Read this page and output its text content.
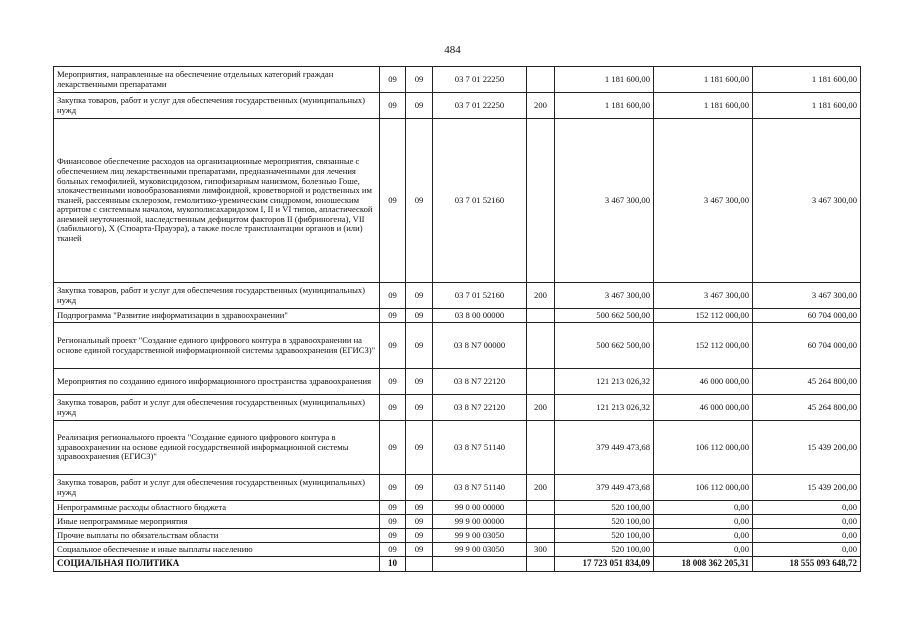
484
Мероприятия, направленные на обеспечение отдельных категорий граждан лекарственными препаратами	09	09	03 7 01 22250		1 181 600,00	1 181 600,00	1 181 600,00
Закупка товаров, работ и услуг для обеспечения государственных (муниципальных) нужд	09	09	03 7 01 22250	200	1 181 600,00	1 181 600,00	1 181 600,00
Финансовое обеспечение расходов на организационные мероприятия, связанные с обеспечением лиц лекарственными препаратами, предназначенными для лечения больных гемофилией, муковисцидозом, гипофизарным нанизмом, болезнью Гоше, злокачественными новообразованиями лимфоидной, кроветворной и родственных им тканей, рассеянным склерозом, гемолитико-уремическим синдромом, юношеским артритом с системным началом, мукополисахаридозом I, II и VI типов, апластической анемией неуточненной, наследственным дефицитом факторов II (фибриногена), VII (лабильного), X (Стюарта-Прауэра), а также после трансплантации органов и (или) тканей	09	09	03 7 01 52160		3 467 300,00	3 467 300,00	3 467 300,00
Закупка товаров, работ и услуг для обеспечения государственных (муниципальных) нужд	09	09	03 7 01 52160	200	3 467 300,00	3 467 300,00	3 467 300,00
Подпрограмма "Развитие информатизации в здравоохранении"	09	09	03 8 00 00000		500 662 500,00	152 112 000,00	60 704 000,00
Региональный проект "Создание единого цифрового контура в здравоохранении на основе единой государственной информационной системы здравоохранения (ЕГИСЗ)"	09	09	03 8 N7 00000		500 662 500,00	152 112 000,00	60 704 000,00
Мероприятия по созданию единого информационного пространства здравоохранения	09	09	03 8 N7 22120		121 213 026,32	46 000 000,00	45 264 800,00
Закупка товаров, работ и услуг для обеспечения государственных (муниципальных) нужд	09	09	03 8 N7 22120	200	121 213 026,32	46 000 000,00	45 264 800,00
Реализация регионального проекта "Создание единого цифрового контура в здравоохранении на основе единой государственной информационной системы здравоохранения (ЕГИСЗ)"	09	09	03 8 N7 51140		379 449 473,68	106 112 000,00	15 439 200,00
Закупка товаров, работ и услуг для обеспечения государственных (муниципальных) нужд	09	09	03 8 N7 51140	200	379 449 473,68	106 112 000,00	15 439 200,00
Непрограммные расходы областного бюджета	09	09	99 0 00 00000		520 100,00	0,00	0,00
Иные непрограммные мероприятия	09	09	99 9 00 00000		520 100,00	0,00	0,00
Прочие выплаты по обязательствам области	09	09	99 9 00 03050		520 100,00	0,00	0,00
Социальное обеспечение и иные выплаты населению	09	09	99 9 00 03050	300	520 100,00	0,00	0,00
СОЦИАЛЬНАЯ ПОЛИТИКА	10				17 723 051 834,09	18 008 362 205,31	18 555 093 648,72
